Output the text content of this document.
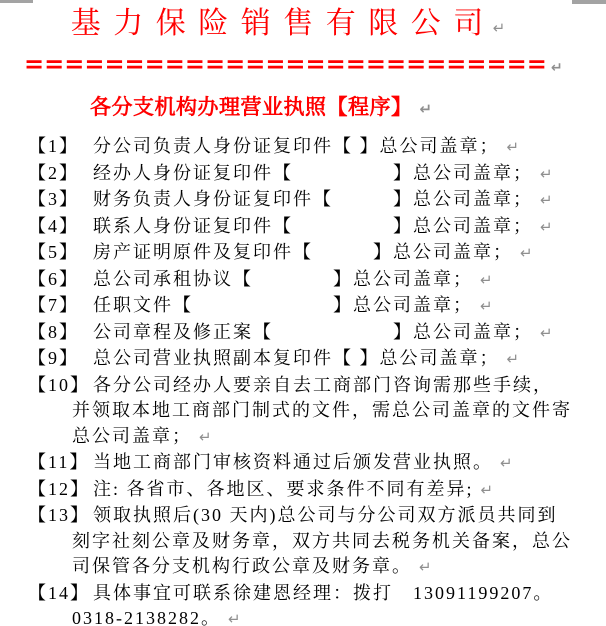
基 力 保 险 销 售 有 限 公 司 ↵
========================== ↵
各分支机构办理营业执照【程序】 ↵
【1】 分公司负责人身份证复印件【 】总公司盖章； ↵
【2】 经办人身份证复印件【　　　　　】总公司盖章； ↵
【3】 财务负责人身份证复印件【　　　】总公司盖章； ↵
【4】 联系人身份证复印件【　　　　　】总公司盖章； ↵
【5】 房产证明原件及复印件【　　　】总公司盖章； ↵
【6】 总公司承租协议【　　　　】总公司盖章； ↵
【7】 任职文件【　　　　　　　】总公司盖章； ↵
【8】 公司章程及修正案【　　　　　　】总公司盖章； ↵
【9】 总公司营业执照副本复印件【 】总公司盖章； ↵
【10】 各分公司经办人要亲自去工商部门咨询需那些手续，
并领取本地工商部门制式的文件，需总公司盖章的文件寄
总公司盖章； ↵
【11】 当地工商部门审核资料通过后颁发营业执照。 ↵
【12】 注: 各省市、各地区、要求条件不同有差异; ↵
【13】 领取执照后(30 天内)总公司与分公司双方派员共同到
刻字社刻公章及财务章，双方共同去税务机关备案，总公
司保管各分支机构行政公章及财务章。 ↵
【14】 具体事宜可联系徐建恩经理：拨打　13091199207。
0318-2138282。 ↵
